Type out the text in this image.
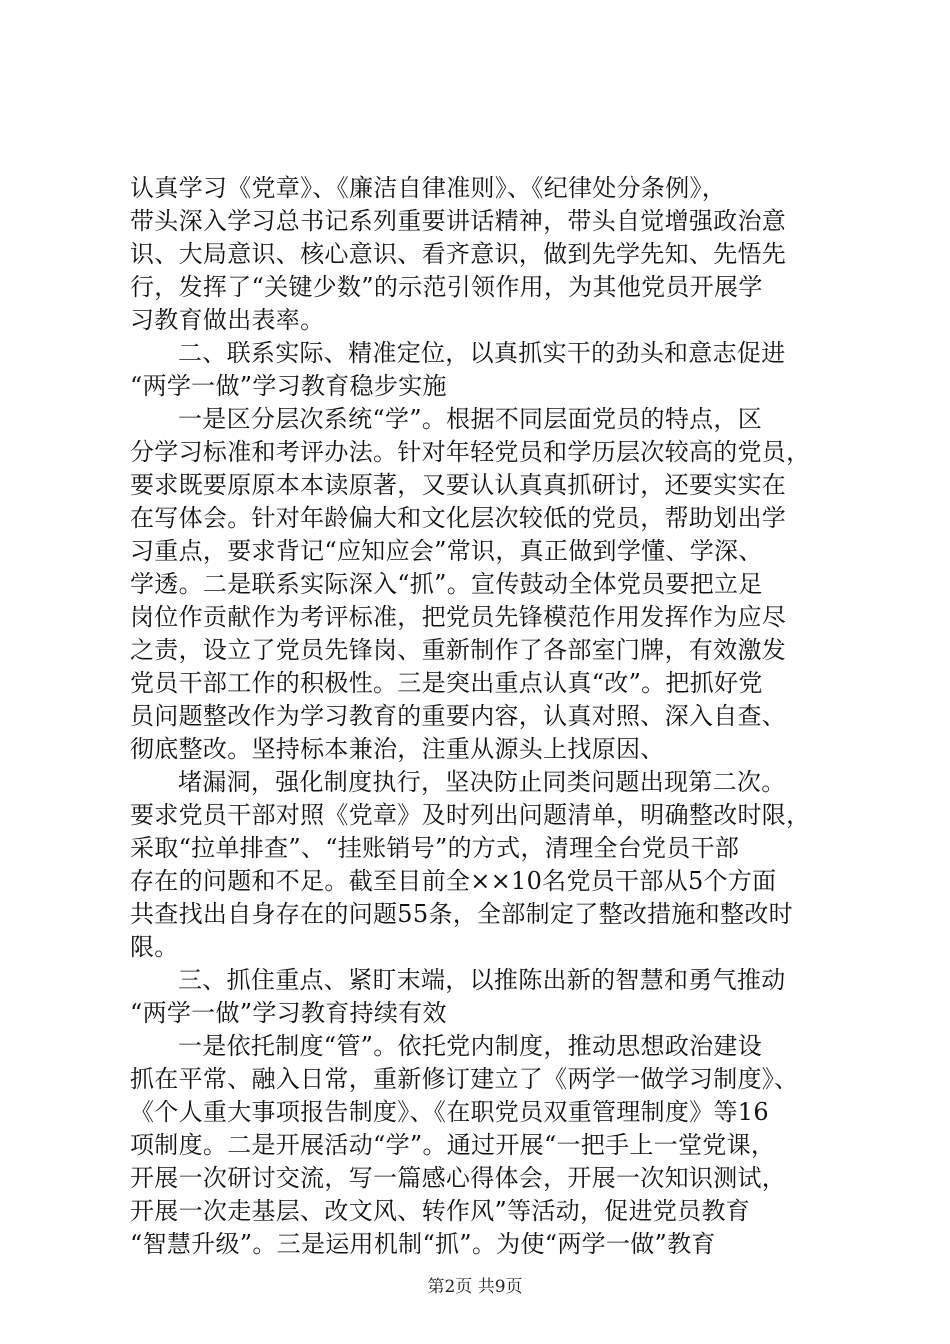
认真学习《党章》、《廉洁自律准则》、《纪律处分条例》，
带头深入学习总书记系列重要讲话精神，带头自觉增强政治意
识、大局意识、核心意识、看齐意识，做到先学先知、先悟先
行，发挥了“关键少数”的示范引领作用，为其他党员开展学
习教育做出表率。
二、联系实际、精准定位，以真抓实干的劲头和意志促进
“两学一做”学习教育稳步实施
一是区分层次系统“学”。根据不同层面党员的特点，区
分学习标准和考评办法。针对年轻党员和学历层次较高的党员，
要求既要原原本本读原著，又要认认真真抓研讨，还要实实在
在写体会。针对年龄偏大和文化层次较低的党员，帮助划出学
习重点，要求背记“应知应会”常识，真正做到学懂、学深、
学透。二是联系实际深入“抓”。宣传鼓动全体党员要把立足
岗位作贡献作为考评标准，把党员先锋模范作用发挥作为应尽
之责，设立了党员先锋岗、重新制作了各部室门牌，有效激发
党员干部工作的积极性。三是突出重点认真“改”。把抓好党
员问题整改作为学习教育的重要内容，认真对照、深入自查、
彻底整改。坚持标本兼治，注重从源头上找原因、
堵漏洞，强化制度执行，坚决防止同类问题出现第二次。
要求党员干部对照《党章》及时列出问题清单，明确整改时限，
采取“拉单排查”、“挂账销号”的方式，清理全台党员干部
存在的问题和不足。截至目前全××10名党员干部从5个方面
共查找出自身存在的问题55条，全部制定了整改措施和整改时
限。
三、抓住重点、紧盯末端，以推陈出新的智慧和勇气推动
“两学一做”学习教育持续有效
一是依托制度“管”。依托党内制度，推动思想政治建设
抓在平常、融入日常，重新修订建立了《两学一做学习制度》、
《个人重大事项报告制度》、《在职党员双重管理制度》等16
项制度。二是开展活动“学”。通过开展“一把手上一堂党课，
开展一次研讨交流，写一篇感心得体会，开展一次知识测试，
开展一次走基层、改文风、转作风”等活动，促进党员教育
“智慧升级”。三是运用机制“抓”。为使“两学一做”教育
第2页 共9页
